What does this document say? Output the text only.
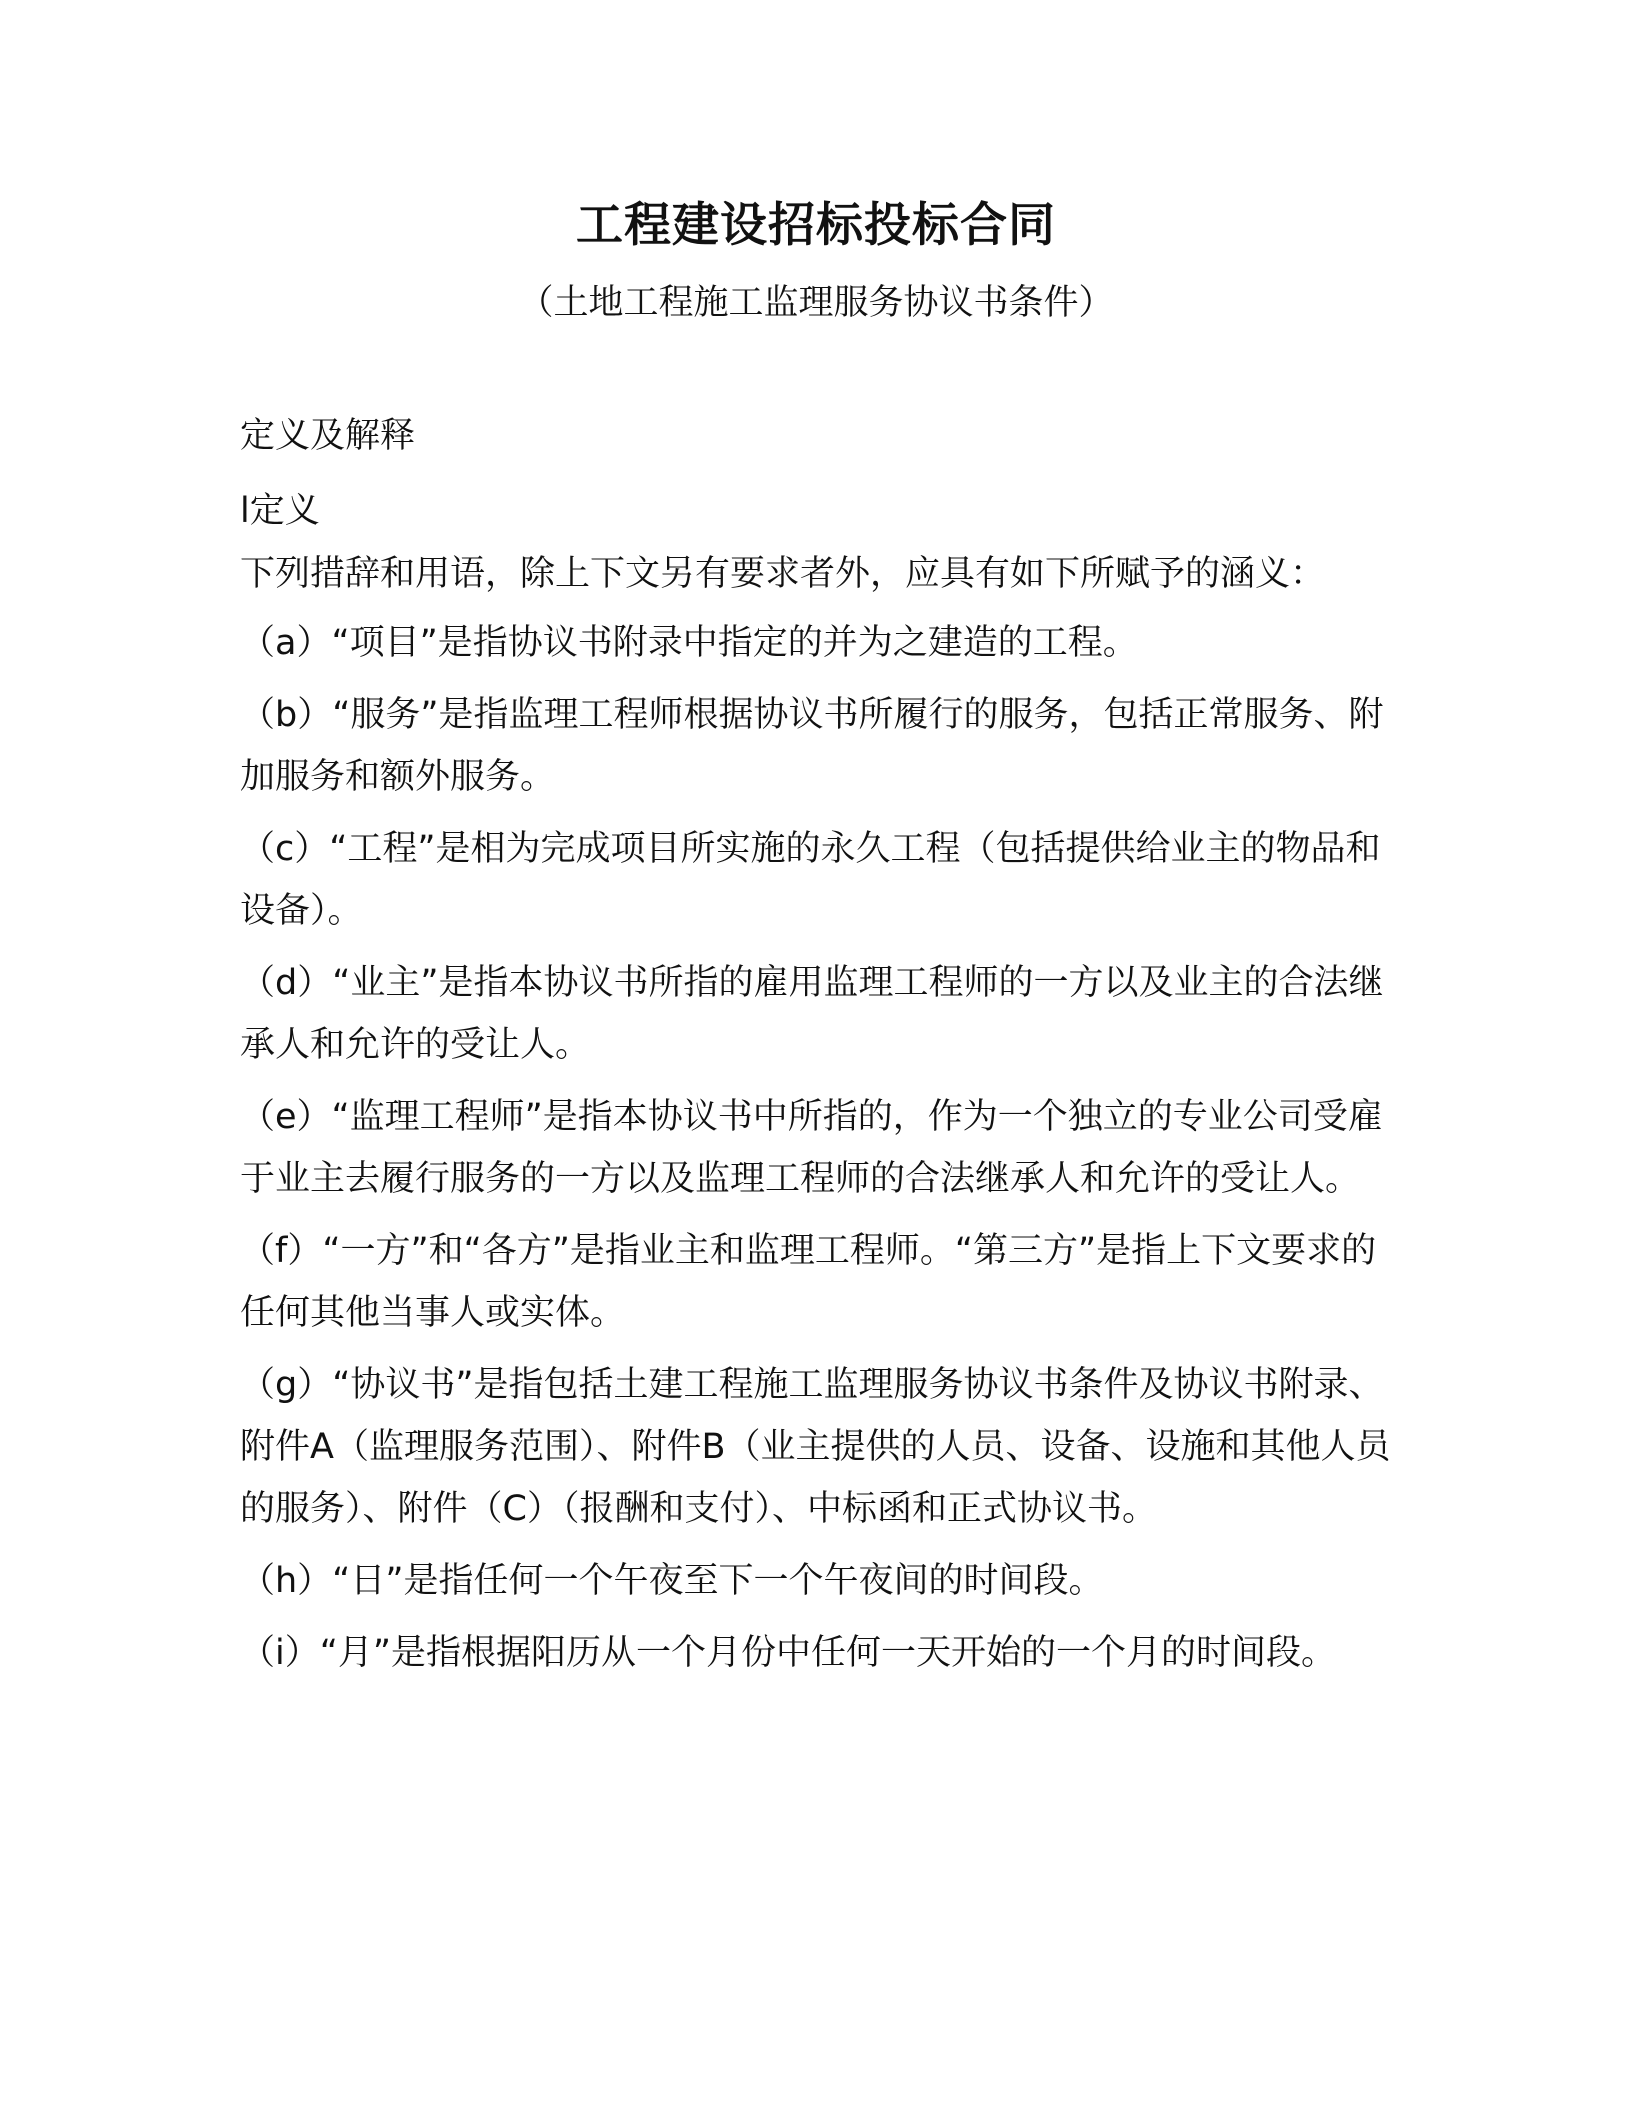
工程建设招标投标合同
（土地工程施工监理服务协议书条件）
定义及解释
l定义
下列措辞和用语，除上下文另有要求者外，应具有如下所赋予的涵义：

（a）“项目”是指协议书附录中指定的并为之建造的工程。

（b）“服务”是指监理工程师根据协议书所履行的服务，包括正常服务、附加服务和额外服务。

（c）“工程”是相为完成项目所实施的永久工程（包括提供给业主的物品和设备）。

（d）“业主”是指本协议书所指的雇用监理工程师的一方以及业主的合法继承人和允许的受让人。

（e）“监理工程师”是指本协议书中所指的，作为一个独立的专业公司受雇于业主去履行服务的一方以及监理工程师的合法继承人和允许的受让人。

（f）“一方”和“各方”是指业主和监理工程师。“第三方”是指上下文要求的任何其他当事人或实体。

（g）“协议书”是指包括土建工程施工监理服务协议书条件及协议书附录、附件A（监理服务范围）、附件B（业主提供的人员、设备、设施和其他人员的服务）、附件（C）（报酬和支付）、中标函和正式协议书。

（h）“日”是指任何一个午夜至下一个午夜间的时间段。

（i）“月”是指根据阳历从一个月份中任何一天开始的一个月的时间段。
